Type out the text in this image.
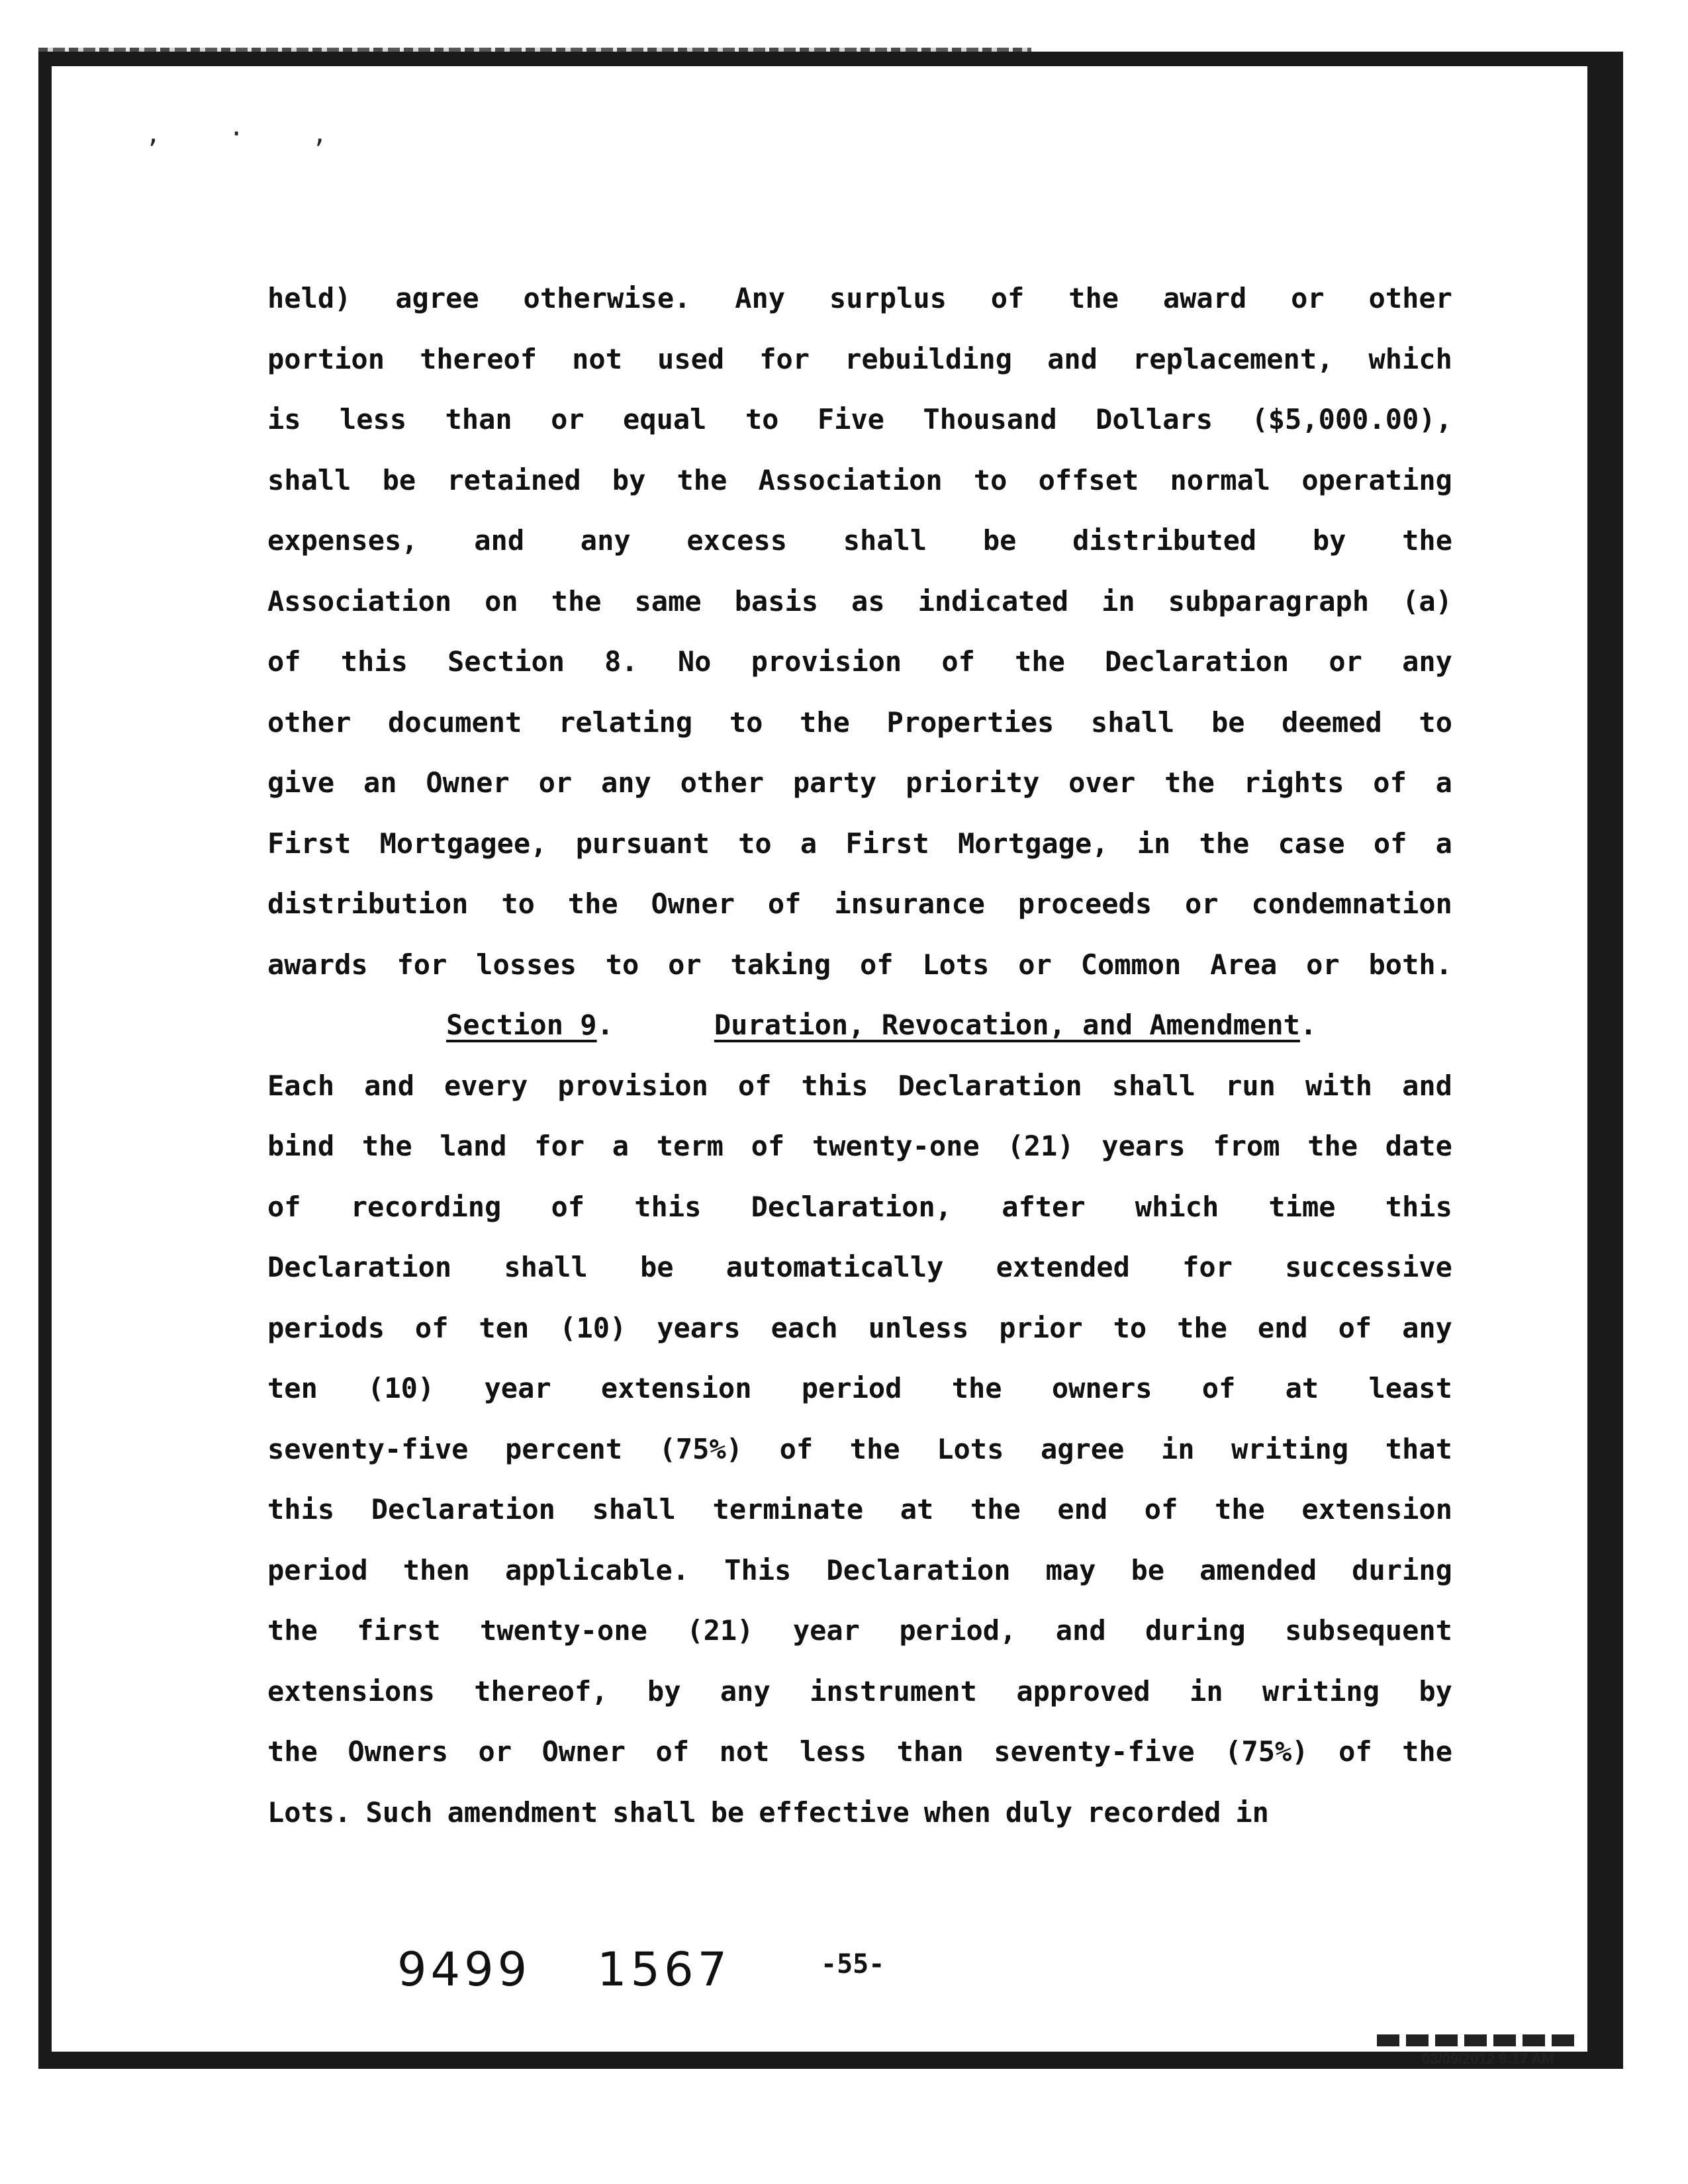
, · ,
held) agree otherwise. Any surplus of the award or other
portion thereof not used for rebuilding and replacement, which
is less than or equal to Five Thousand Dollars ($5,000.00),
shall be retained by the Association to offset normal operating
expenses, and any excess shall be distributed by the
Association on the same basis as indicated in subparagraph (a)
of this Section 8. No provision of the Declaration or any
other document relating to the Properties shall be deemed to
give an Owner or any other party priority over the rights of a
First Mortgagee, pursuant to a First Mortgage, in the case of a
distribution to the Owner of insurance proceeds or condemnation
awards for losses to or taking of Lots or Common Area or both.
Section 9 .	Duration, Revocation, and Amendment .
Each and every provision of this Declaration shall run with and
bind the land for a term of twenty-one (21) years from the date
of recording of this Declaration, after which time this
Declaration shall be automatically extended for successive
periods of ten (10) years each unless prior to the end of any
ten (10) year extension period the owners of at least
seventy-five percent (75%) of the Lots agree in writing that
this Declaration shall terminate at the end of the extension
period then applicable. This Declaration may be amended during
the first twenty-one (21) year period, and during subsequent
extensions thereof, by any instrument approved in writing by
the Owners or Owner of not less than seventy-five (75%) of the
Lots. Such amendment shall be effective when duly recorded in
9499 1567	-55-
03/09/2012 9:17 AM
